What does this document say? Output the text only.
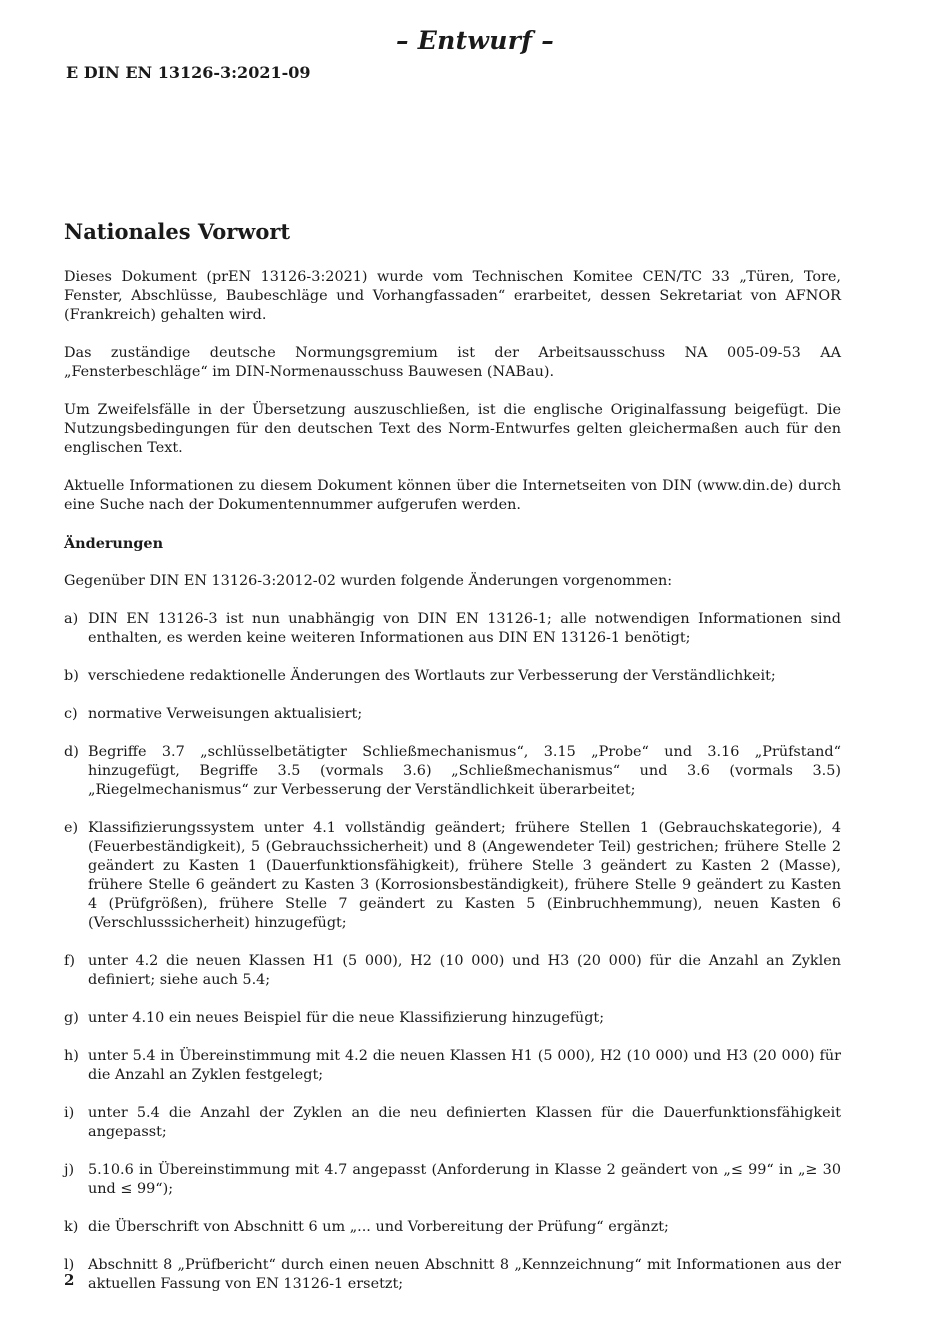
– Entwurf –
E DIN EN 13126-3:2021-09
Nationales Vorwort

Dieses Dokument (prEN 13126-3:2021) wurde vom Technischen Komitee CEN/TC 33 „Türen, Tore, Fenster, Abschlüsse, Baubeschläge und Vorhangfassaden“ erarbeitet, dessen Sekretariat von AFNOR (Frankreich) gehalten wird.

Das zuständige deutsche Normungsgremium ist der Arbeitsausschuss NA 005-09-53 AA „Fensterbeschläge“ im DIN-Normenausschuss Bauwesen (NABau).

Um Zweifelsfälle in der Übersetzung auszuschließen, ist die englische Originalfassung beigefügt. Die Nutzungsbedingungen für den deutschen Text des Norm-Entwurfes gelten gleichermaßen auch für den englischen Text.

Aktuelle Informationen zu diesem Dokument können über die Internetseiten von DIN (www.din.de) durch eine Suche nach der Dokumentennummer aufgerufen werden.

Änderungen

Gegenüber DIN EN 13126-3:2012-02 wurden folgende Änderungen vorgenommen:

a) DIN EN 13126-3 ist nun unabhängig von DIN EN 13126-1; alle notwendigen Informationen sind enthalten, es werden keine weiteren Informationen aus DIN EN 13126-1 benötigt;
b) verschiedene redaktionelle Änderungen des Wortlauts zur Verbesserung der Verständlichkeit;
c) normative Verweisungen aktualisiert;
d) Begriffe 3.7 „schlüsselbetätigter Schließmechanismus“, 3.15 „Probe“ und 3.16 „Prüfstand“ hinzugefügt, Begriffe 3.5 (vormals 3.6) „Schließmechanismus“ und 3.6 (vormals 3.5) „Riegelmechanismus“ zur Verbesserung der Verständlichkeit überarbeitet;
e) Klassifizierungssystem unter 4.1 vollständig geändert; frühere Stellen 1 (Gebrauchskategorie), 4 (Feuerbeständigkeit), 5 (Gebrauchssicherheit) und 8 (Angewendeter Teil) gestrichen; frühere Stelle 2 geändert zu Kasten 1 (Dauerfunktionsfähigkeit), frühere Stelle 3 geändert zu Kasten 2 (Masse), frühere Stelle 6 geändert zu Kasten 3 (Korrosionsbeständigkeit), frühere Stelle 9 geändert zu Kasten 4 (Prüfgrößen), frühere Stelle 7 geändert zu Kasten 5 (Einbruchhemmung), neuen Kasten 6 (Verschlusssicherheit) hinzugefügt;
f) unter 4.2 die neuen Klassen H1 (5 000), H2 (10 000) und H3 (20 000) für die Anzahl an Zyklen definiert; siehe auch 5.4;
g) unter 4.10 ein neues Beispiel für die neue Klassifizierung hinzugefügt;
h) unter 5.4 in Übereinstimmung mit 4.2 die neuen Klassen H1 (5 000), H2 (10 000) und H3 (20 000) für die Anzahl an Zyklen festgelegt;
i) unter 5.4 die Anzahl der Zyklen an die neu definierten Klassen für die Dauerfunktionsfähigkeit angepasst;
j) 5.10.6 in Übereinstimmung mit 4.7 angepasst (Anforderung in Klasse 2 geändert von „≤ 99“ in „≥ 30 und ≤ 99“);
k) die Überschrift von Abschnitt 6 um „... und Vorbereitung der Prüfung“ ergänzt;
l) Abschnitt 8 „Prüfbericht“ durch einen neuen Abschnitt 8 „Kennzeichnung“ mit Informationen aus der aktuellen Fassung von EN 13126-1 ersetzt;
2
